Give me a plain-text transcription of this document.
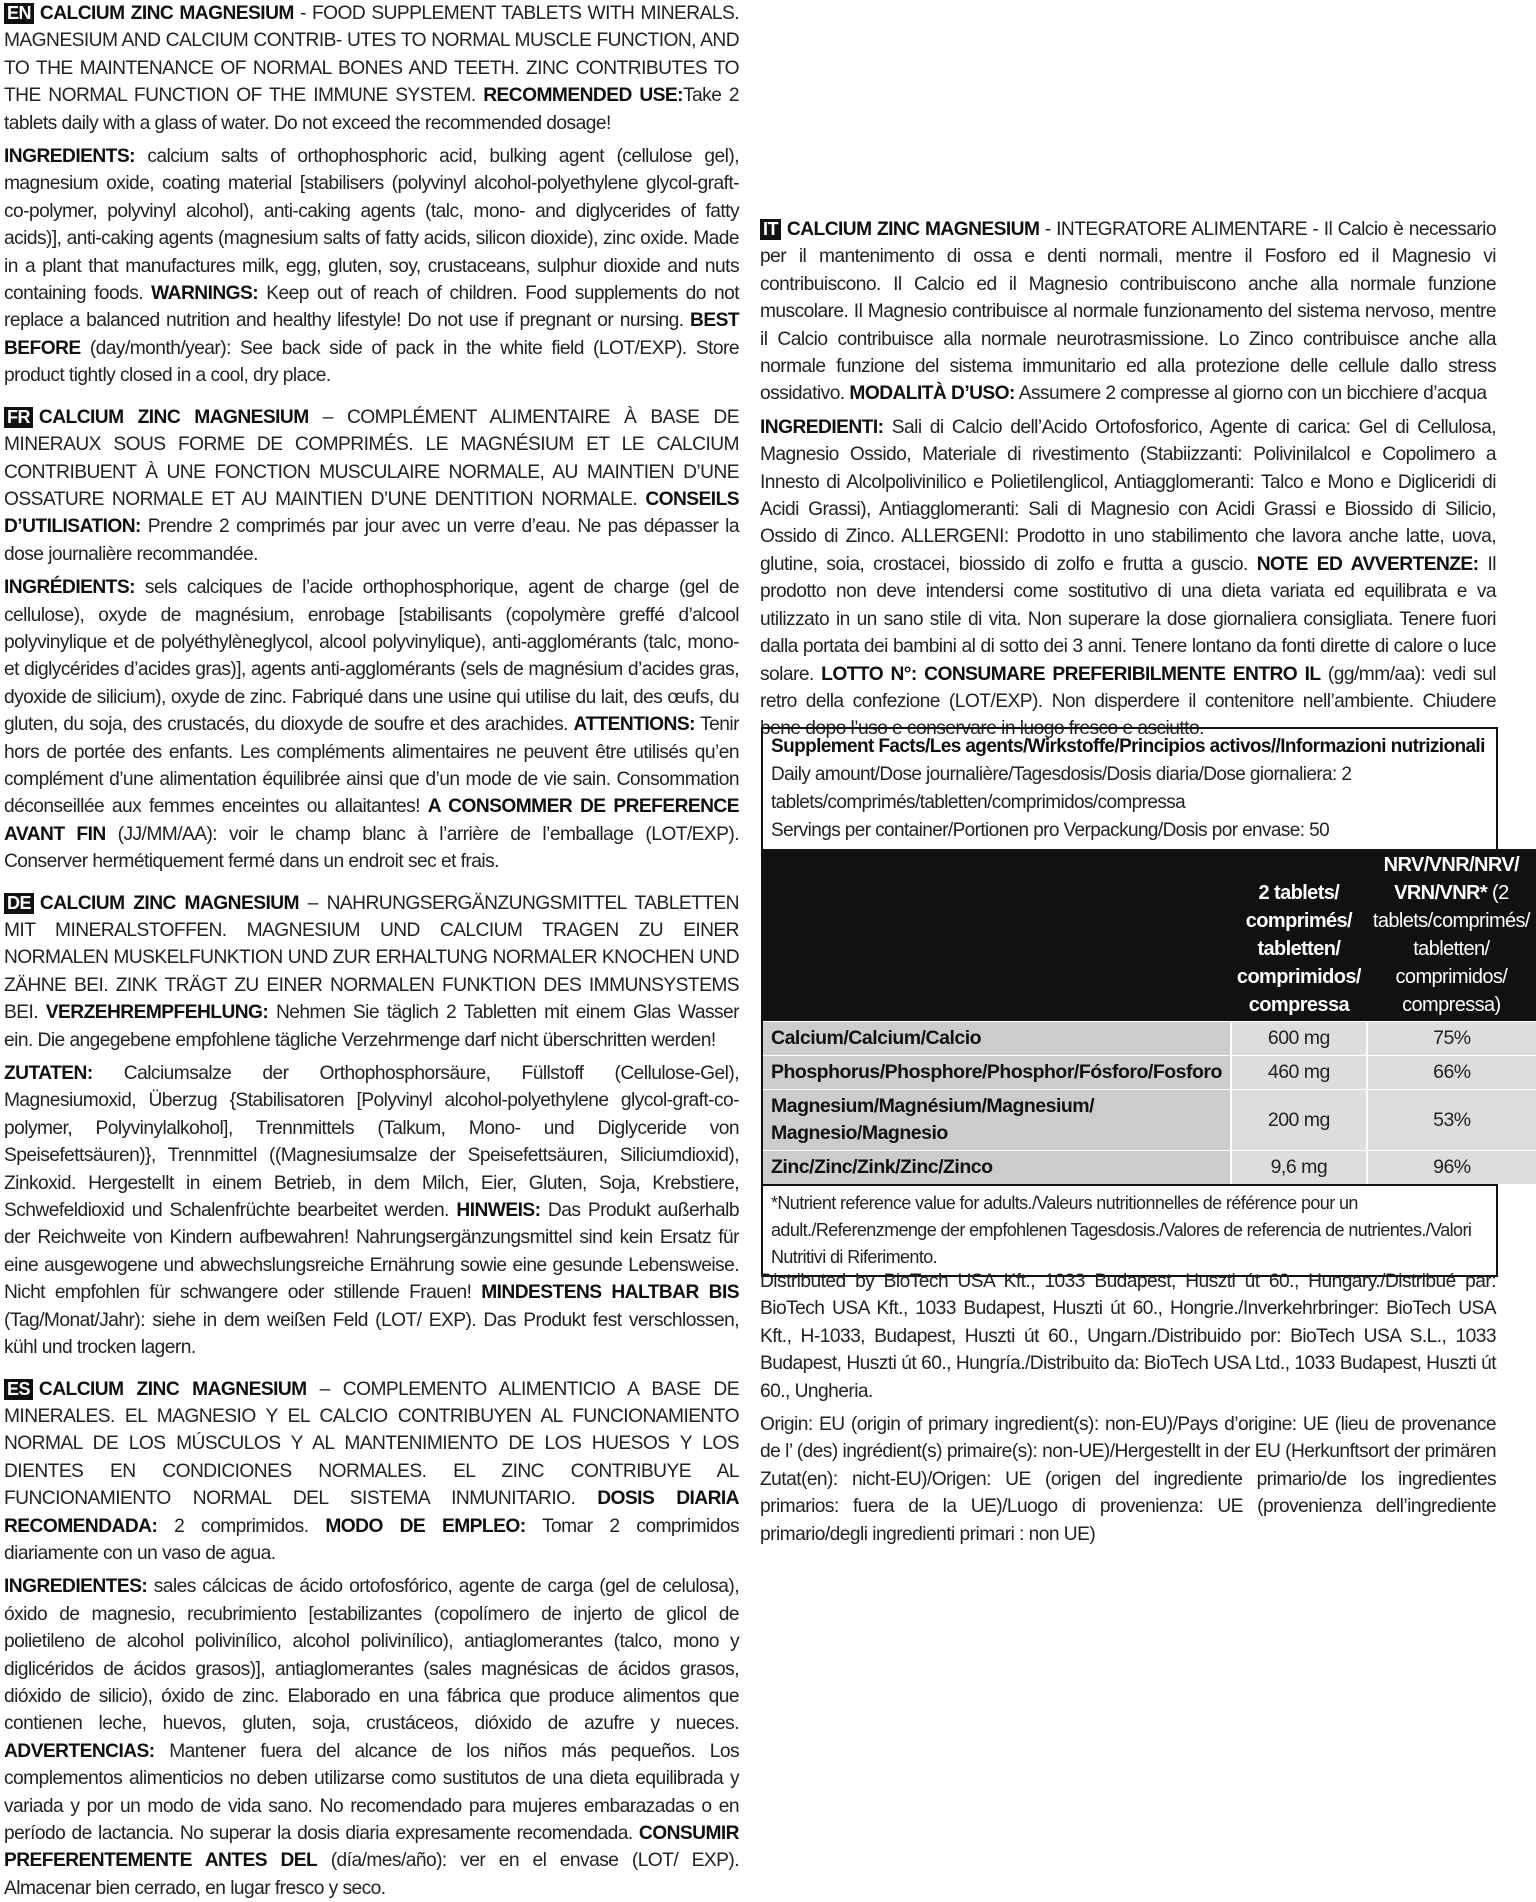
EN CALCIUM ZINC MAGNESIUM - FOOD SUPPLEMENT TABLETS WITH MINERALS. MAGNESIUM AND CALCIUM CONTRIB- UTES TO NORMAL MUSCLE FUNCTION, AND TO THE MAINTENANCE OF NORMAL BONES AND TEETH. ZINC CONTRIBUTES TO THE NORMAL FUNCTION OF THE IMMUNE SYSTEM. RECOMMENDED USE:Take 2 tablets daily with a glass of water. Do not exceed the recommended dosage!

INGREDIENTS: calcium salts of orthophosphoric acid, bulking agent (cellulose gel), magnesium oxide, coating material [stabilisers (polyvinyl alcohol-polyethylene glycol-graft-co-polymer, polyvinyl alcohol), anti-caking agents (talc, mono- and diglycerides of fatty acids)], anti-caking agents (magnesium salts of fatty acids, silicon dioxide), zinc oxide. Made in a plant that manufactures milk, egg, gluten, soy, crustaceans, sulphur dioxide and nuts containing foods. WARNINGS: Keep out of reach of children. Food supplements do not replace a balanced nutrition and healthy lifestyle! Do not use if pregnant or nursing. BEST BEFORE (day/month/year): See back side of pack in the white field (LOT/EXP). Store product tightly closed in a cool, dry place.

FR CALCIUM ZINC MAGNESIUM – COMPLÉMENT ALIMENTAIRE À BASE DE MINERAUX SOUS FORME DE COMPRIMÉS. LE MAGNÉSIUM ET LE CALCIUM CONTRIBUENT À UNE FONCTION MUSCULAIRE NORMALE, AU MAINTIEN D’UNE OSSATURE NORMALE ET AU MAINTIEN D’UNE DENTITION NORMALE. CONSEILS D’UTILISATION: Prendre 2 comprimés par jour avec un verre d’eau. Ne pas dépasser la dose journalière recommandée.

INGRÉDIENTS: sels calciques de l’acide orthophosphorique, agent de charge (gel de cellulose), oxyde de magnésium, enrobage [stabilisants (copolymère greffé d’alcool polyvinylique et de polyéthylèneglycol, alcool polyvinylique), anti-agglomérants (talc, mono- et diglycérides d’acides gras)], agents anti-agglomérants (sels de magnésium d’acides gras, dyoxide de silicium), oxyde de zinc. Fabriqué dans une usine qui utilise du lait, des œufs, du gluten, du soja, des crustacés, du dioxyde de soufre et des arachides. ATTENTIONS: Tenir hors de portée des enfants. Les compléments alimentaires ne peuvent être utilisés qu’en complément d’une alimentation équilibrée ainsi que d’un mode de vie sain. Consommation déconseillée aux femmes enceintes ou allaitantes! A CONSOMMER DE PREFERENCE AVANT FIN (JJ/MM/AA): voir le champ blanc à l’arrière de l’emballage (LOT/EXP). Conserver hermétiquement fermé dans un endroit sec et frais.

DE CALCIUM ZINC MAGNESIUM – NAHRUNGSERGÄNZUNGSMITTEL TABLETTEN MIT MINERALSTOFFEN. MAGNESIUM UND CALCIUM TRAGEN ZU EINER NORMALEN MUSKELFUNKTION UND ZUR ERHALTUNG NORMALER KNOCHEN UND ZÄHNE BEI. ZINK TRÄGT ZU EINER NORMALEN FUNKTION DES IMMUNSYSTEMS BEI. VERZEHREMPFEHLUNG: Nehmen Sie täglich 2 Tabletten mit einem Glas Wasser ein. Die angegebene empfohlene tägliche Verzehrmenge darf nicht überschritten werden!

ZUTATEN: Calciumsalze der Orthophosphorsäure, Füllstoff (Cellulose-Gel), Magnesiumoxid, Überzug {Stabilisatoren [Polyvinyl alcohol-polyethylene glycol-graft-co-polymer, Polyvinylalkohol], Trennmittels (Talkum, Mono- und Diglyceride von Speisefettsäuren)}, Trennmittel ((Magnesiumsalze der Speisefettsäuren, Siliciumdioxid), Zinkoxid. Hergestellt in einem Betrieb, in dem Milch, Eier, Gluten, Soja, Krebstiere, Schwefeldioxid und Schalenfrüchte bearbeitet werden. HINWEIS: Das Produkt außerhalb der Reichweite von Kindern aufbewahren! Nahrungsergänzungsmittel sind kein Ersatz für eine ausgewogene und abwechslungsreiche Ernährung sowie eine gesunde Lebensweise. Nicht empfohlen für schwangere oder stillende Frauen! MINDESTENS HALTBAR BIS (Tag/Monat/Jahr): siehe in dem weißen Feld (LOT/ EXP). Das Produkt fest verschlossen, kühl und trocken lagern.

ES CALCIUM ZINC MAGNESIUM – COMPLEMENTO ALIMENTICIO A BASE DE MINERALES. EL MAGNESIO Y EL CALCIO CONTRIBUYEN AL FUNCIONAMIENTO NORMAL DE LOS MÚSCULOS Y AL MANTENIMIENTO DE LOS HUESOS Y LOS DIENTES EN CONDICIONES NORMALES. EL ZINC CONTRIBUYE AL FUNCIONAMIENTO NORMAL DEL SISTEMA INMUNITARIO. DOSIS DIARIA RECOMENDADA: 2 comprimidos. MODO DE EMPLEO: Tomar 2 comprimidos diariamente con un vaso de agua.

INGREDIENTES: sales cálcicas de ácido ortofosfórico, agente de carga (gel de celulosa), óxido de magnesio, recubrimiento [estabilizantes (copolímero de injerto de glicol de polietileno de alcohol polivinílico, alcohol polivinílico), antiaglomerantes (talco, mono y diglicéridos de ácidos grasos)], antiaglomerantes (sales magnésicas de ácidos grasos, dióxido de silicio), óxido de zinc. Elaborado en una fábrica que produce alimentos que contienen leche, huevos, gluten, soja, crustáceos, dióxido de azufre y nueces. ADVERTENCIAS: Mantener fuera del alcance de los niños más pequeños. Los complementos alimenticios no deben utilizarse como sustitutos de una dieta equilibrada y variada y por un modo de vida sano. No recomendado para mujeres embarazadas o en período de lactancia. No superar la dosis diaria expresamente recomendada. CONSUMIR PREFERENTEMENTE ANTES DEL (día/mes/año): ver en el envase (LOT/ EXP). Almacenar bien cerrado, en lugar fresco y seco.

IT CALCIUM ZINC MAGNESIUM - INTEGRATORE ALIMENTARE - Il Calcio è necessario per il mantenimento di ossa e denti normali, mentre il Fosforo ed il Magnesio vi contribuiscono. Il Calcio ed il Magnesio contribuiscono anche alla normale funzione muscolare. Il Magnesio contribuisce al normale funzionamento del sistema nervoso, mentre il Calcio contribuisce alla normale neurotrasmissione. Lo Zinco contribuisce anche alla normale funzione del sistema immunitario ed alla protezione delle cellule dallo stress ossidativo. MODALITÀ D’USO: Assumere 2 compresse al giorno con un bicchiere d’acqua

INGREDIENTI: Sali di Calcio dell’Acido Ortofosforico, Agente di carica: Gel di Cellulosa, Magnesio Ossido, Materiale di rivestimento (Stabiizzanti: Polivinilalcol e Copolimero a Innesto di Alcolpolivinilico e Polietilenglicol, Antiagglomeranti: Talco e Mono e Digliceridi di Acidi Grassi), Antiagglomeranti: Sali di Magnesio con Acidi Grassi e Biossido di Silicio, Ossido di Zinco. ALLERGENI: Prodotto in uno stabilimento che lavora anche latte, uova, glutine, soia, crostacei, biossido di zolfo e frutta a guscio. NOTE ED AVVERTENZE: Il prodotto non deve intendersi come sostitutivo di una dieta variata ed equilibrata e va utilizzato in un sano stile di vita. Non superare la dose giornaliera consigliata. Tenere fuori dalla portata dei bambini al di sotto dei 3 anni. Tenere lontano da fonti dirette di calore o luce solare. LOTTO N°: CONSUMARE PREFERIBILMENTE ENTRO IL (gg/mm/aa): vedi sul retro della confezione (LOT/EXP). Non disperdere il contenitore nell’ambiente. Chiudere bene dopo l’uso e conservare in luogo fresco e asciutto.

Supplement Facts/Les agents/Wirkstoffe/Principios activos//Informazioni nutrizionali
Daily amount/Dose journalière/Tagesdosis/Dosis diaria/Dose giornaliera: 2 tablets/comprimés/tabletten/comprimidos/compressa
Servings per container/Portionen pro Verpackung/Dosis por envase: 50
	2 tablets/ comprimés/ tabletten/ comprimidos/ compressa	NRV/VNR/NRV/ VRN/VNR* (2 tablets/comprimés/ tabletten/ comprimidos/ compressa)
Calcium/Calcium/Calcio	600 mg	75%
Phosphorus/Phosphore/Phosphor/Fósforo/Fosforo	460 mg	66%
Magnesium/Magnésium/Magnesium/ Magnesio/Magnesio	200 mg	53%
Zinc/Zinc/Zink/Zinc/Zinco	9,6 mg	96%
*Nutrient reference value for adults./Valeurs nutritionnelles de référence pour un adult./Referenzmenge der empfohlenen Tagesdosis./Valores de referencia de nutrientes./Valori Nutritivi di Riferimento.

Distributed by BioTech USA Kft., 1033 Budapest, Huszti út 60., Hungary./Distribué par: BioTech USA Kft., 1033 Budapest, Huszti út 60., Hongrie./Inverkehrbringer: BioTech USA Kft., H-1033, Budapest, Huszti út 60., Ungarn./Distribuido por: BioTech USA S.L., 1033 Budapest, Huszti út 60., Hungría./Distribuito da: BioTech USA Ltd., 1033 Budapest, Huszti út 60., Ungheria.

Origin: EU (origin of primary ingredient(s): non-EU)/Pays d’origine: UE (lieu de provenance de l’ (des) ingrédient(s) primaire(s): non-UE)/Hergestellt in der EU (Herkunftsort der primären Zutat(en): nicht-EU)/Origen: UE (origen del ingrediente primario/de los ingredientes primarios: fuera de la UE)/Luogo di provenienza: UE (provenienza dell’ingrediente primario/degli ingredienti primari : non UE)
